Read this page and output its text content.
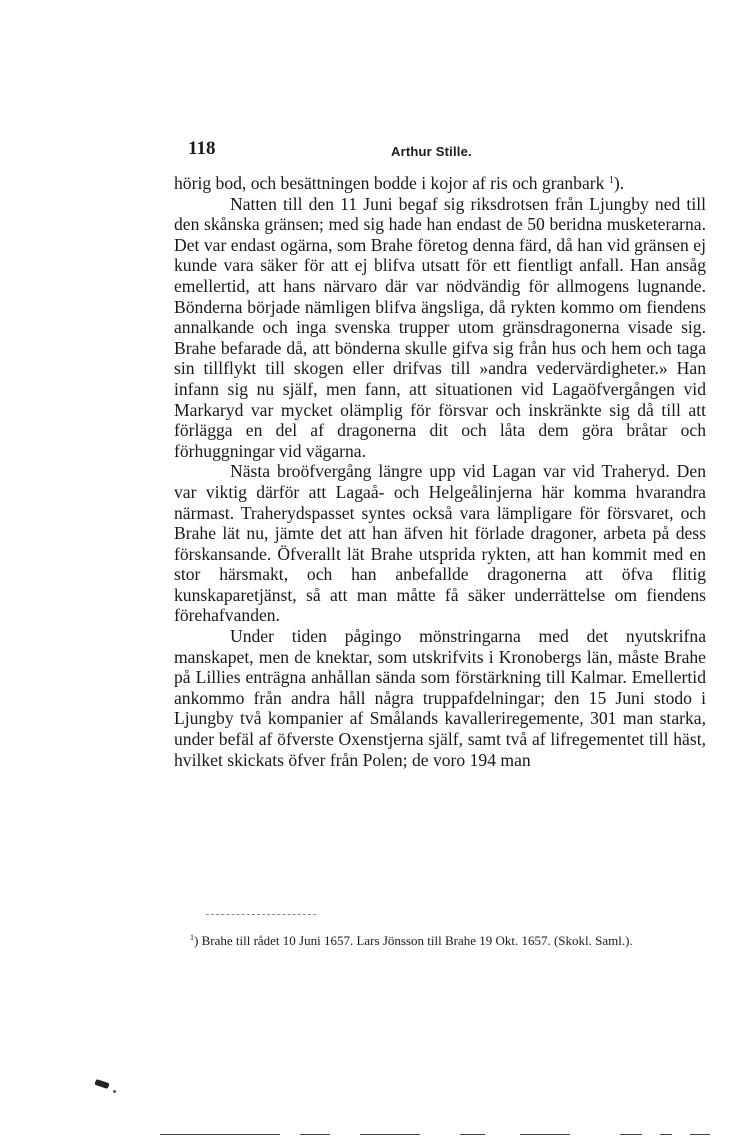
118	Arthur Stille.

hörig bod, och besättningen bodde i kojor af ris och granbark $^1$).

Natten till den 11 Juni begaf sig riksdrotsen från Ljungby ned till den skånska gränsen; med sig hade han endast de 50 beridna musketerarna. Det var endast ogärna, som Brahe företog denna färd, då han vid gränsen ej kunde vara säker för att ej blifva utsatt för ett fientligt anfall. Han ansåg emellertid, att hans närvaro där var nödvändig för allmogens lugnande. Bönderna började nämligen blifva ängsliga, då rykten kommo om fiendens annalkande och inga svenska trupper utom gränsdragonerna visade sig. Brahe befarade då, att bönderna skulle gifva sig från hus och hem och taga sin tillflykt till skogen eller drifvas till »andra vedervärdigheter.» Han infann sig nu själf, men fann, att situationen vid Lagaöfvergången vid Markaryd var mycket olämplig för försvar och inskränkte sig då till att förlägga en del af dragonerna dit och låta dem göra bråtar och förhuggningar vid vägarna.

Nästa broöfvergång längre upp vid Lagan var vid Traheryd. Den var viktig därför att Lagaå- och Helgeålinjerna här komma hvarandra närmast. Traherydspasset syntes också vara lämpligare för försvaret, och Brahe lät nu, jämte det att han äfven hit förlade dragoner, arbeta på dess förskansande. Öfverallt lät Brahe utsprida rykten, att han kommit med en stor härsmakt, och han anbefallde dragonerna att öfva flitig kunskaparetjänst, så att man måtte få säker underrättelse om fiendens förehafvanden.

Under tiden pågingo mönstringarna med det nyutskrifna manskapet, men de knektar, som utskrifvits i Kronobergs län, måste Brahe på Lillies enträgna anhållan sända som förstärkning till Kalmar. Emellertid ankommo från andra håll några truppafdelningar; den 15 Juni stodo i Ljungby två kompanier af Smålands kavalleriregemente, 301 man starka, under befäl af öfverste Oxenstjerna själf, samt två af lifregementet till häst, hvilket skickats öfver från Polen; de voro 194 man

$^1$) Brahe till rådet 10 Juni 1657. Lars Jönsson till Brahe 19 Okt. 1657. (Skokl. Saml.).
